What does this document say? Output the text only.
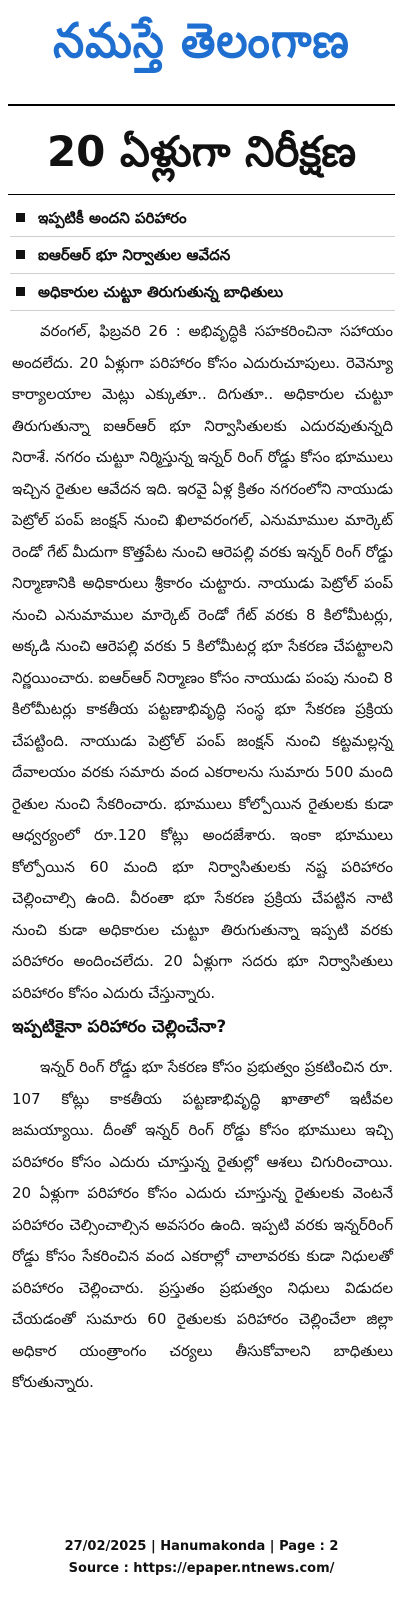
నమస్తే తెలంగాణ
20 ఏళ్లుగా నిరీక్షణ
ఇప్పటికీ అందని పరిహారం
ఐఆర్‌ఆర్ భూ నిర్వాతుల ఆవేదన
అధికారుల చుట్టూ తిరుగుతున్న బాధితులు
వరంగల్, ఫిబ్రవరి 26 : అభివృద్ధికి సహకరించినా సహాయం అందలేదు. 20 ఏళ్లుగా పరిహారం కోసం ఎదురుచూపులు. రెవెన్యూ కార్యాలయాల మెట్లు ఎక్కుతూ.. దిగుతూ.. అధికారుల చుట్టూ తిరుగుతున్నా ఐఆర్‌ఆర్ భూ నిర్వాసితులకు ఎదురవుతున్నది నిరాశే. నగరం చుట్టూ నిర్మిస్తున్న ఇన్నర్ రింగ్ రోడ్డు కోసం భూములు ఇచ్చిన రైతుల ఆవేదన ఇది. ఇరవై ఏళ్ల క్రితం నగరంలోని నాయుడు పెట్రోల్ పంప్ జంక్షన్ నుంచి ఖిలావరంగల్, ఎనుమాముల మార్కెట్ రెండో గేట్ మీదుగా కొత్తపేట నుంచి ఆరెపల్లి వరకు ఇన్నర్ రింగ్ రోడ్డు నిర్మాణానికి అధికారులు శ్రీకారం చుట్టారు. నాయుడు పెట్రోల్ పంప్ నుంచి ఎనుమాముల మార్కెట్ రెండో గేట్ వరకు 8 కిలోమీటర్లు, అక్కడి నుంచి ఆరెపల్లి వరకు 5 కిలోమీటర్ల భూ సేకరణ చేపట్టాలని నిర్ణయించారు. ఐఆర్‌ఆర్ నిర్మాణం కోసం నాయుడు పంపు నుంచి 8 కిలోమీటర్లు కాకతీయ పట్టణాభివృద్ధి సంస్థ భూ సేకరణ ప్రక్రియ చేపట్టింది. నాయుడు పెట్రోల్ పంప్ జంక్షన్ నుంచి కట్టమల్లన్న దేవాలయం వరకు సమారు వంద ఎకరాలను సుమారు 500 మంది రైతుల నుంచి సేకరించారు. భూములు కోల్పోయిన రైతులకు కుడా ఆధ్వర్యంలో రూ.120 కోట్లు అందజేశారు. ఇంకా భూములు కోల్పోయిన 60 మంది భూ నిర్వాసితులకు నష్ట పరిహారం చెల్లించాల్సి ఉంది. వీరంతా భూ సేకరణ ప్రక్రియ చేపట్టిన నాటి నుంచి కుడా అధికారుల చుట్టూ తిరుగుతున్నా ఇప్పటి వరకు పరిహారం అందించలేదు. 20 ఏళ్లుగా సదరు భూ నిర్వాసితులు పరిహారం కోసం ఎదురు చేస్తున్నారు.
ఇప్పటికైనా పరిహారం చెల్లించేనా?
ఇన్నర్ రింగ్ రోడ్డు భూ సేకరణ కోసం ప్రభుత్వం ప్రకటించిన రూ. 107 కోట్లు కాకతీయ పట్టణాభివృద్ధి ఖాతాలో ఇటీవల జమయ్యాయి. దీంతో ఇన్నర్ రింగ్ రోడ్డు కోసం భూములు ఇచ్చి పరిహారం కోసం ఎదురు చూస్తున్న రైతుల్లో ఆశలు చిగురించాయి. 20 ఏళ్లుగా పరిహారం కోసం ఎదురు చూస్తున్న రైతులకు వెంటనే పరిహారం చెల్సించాల్సిన అవసరం ఉంది. ఇప్పటి వరకు ఇన్నర్‌రింగ్ రోడ్డు కోసం సేకరించిన వంద ఎకరాల్లో చాలావరకు కుడా నిధులతో పరిహారం చెల్లించారు. ప్రస్తుతం ప్రభుత్వం నిధులు విడుదల చేయడంతో సుమారు 60 రైతులకు పరిహారం చెల్లించేలా జిల్లా అధికార యంత్రాంగం చర్యలు తీసుకోవాలని బాధితులు కోరుతున్నారు.
27/02/2025 | Hanumakonda | Page : 2
Source : https://epaper.ntnews.com/
